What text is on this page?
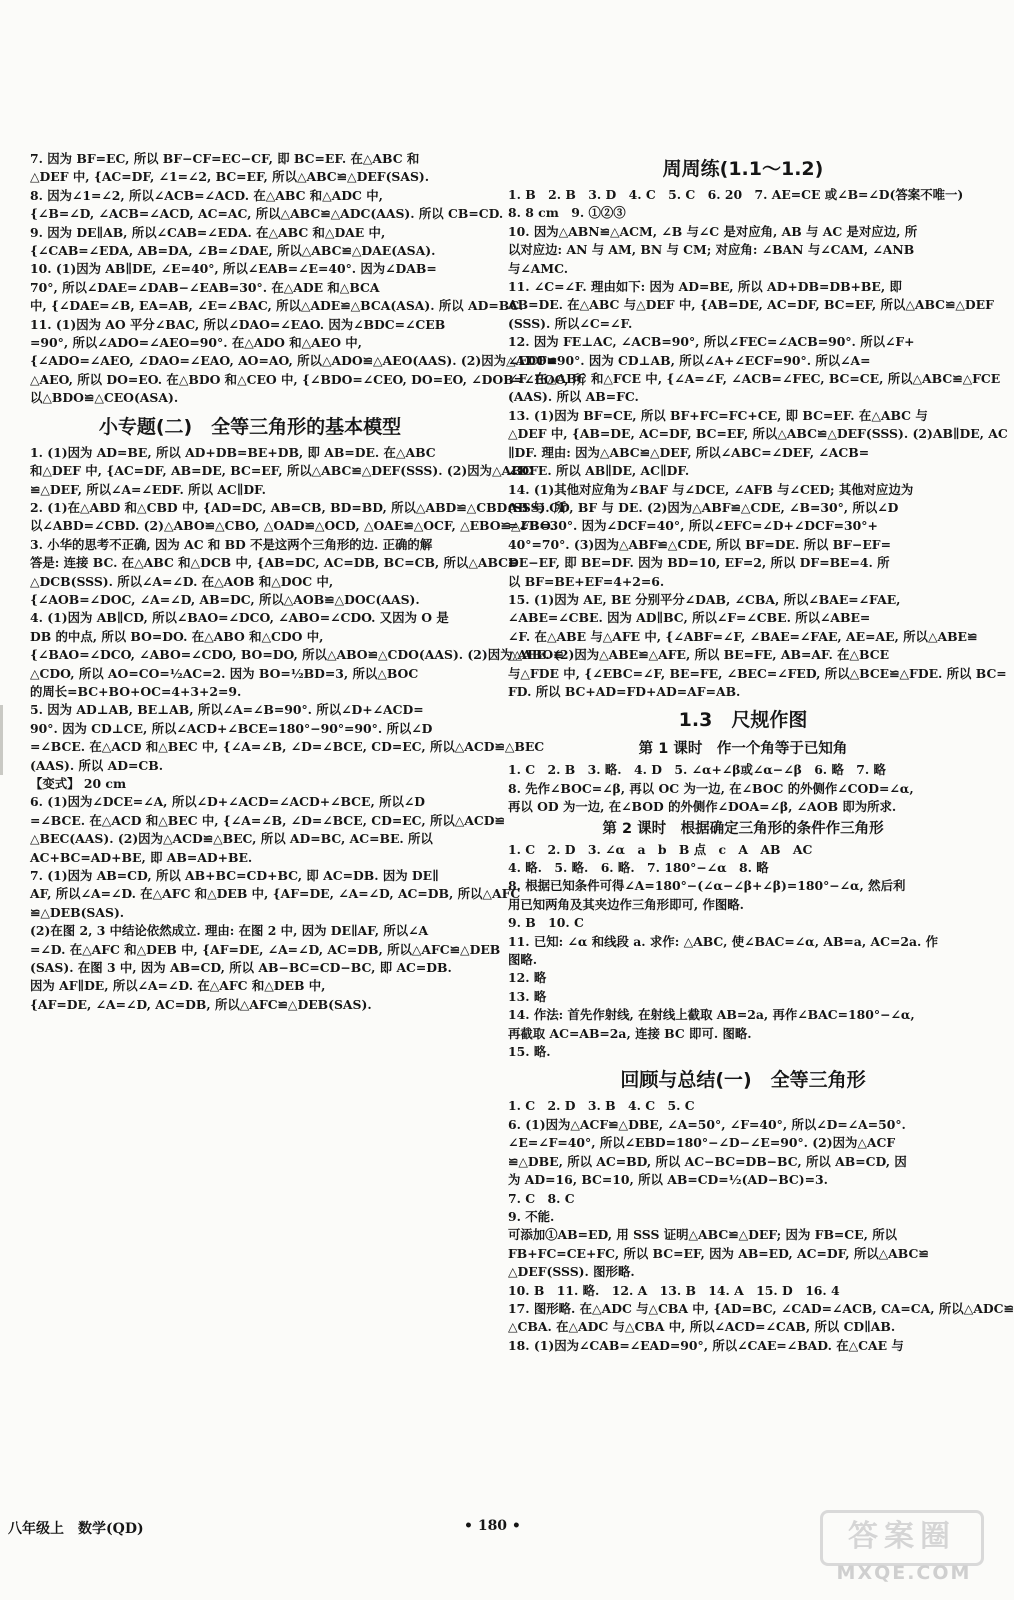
7. 因为 BF=EC, 所以 BF−CF=EC−CF, 即 BC=EF. 在△ABC 和
△DEF 中, {AC=DF, ∠1=∠2, BC=EF, 所以△ABC≌△DEF(SAS).
8. 因为∠1=∠2, 所以∠ACB=∠ACD. 在△ABC 和△ADC 中,
{∠B=∠D, ∠ACB=∠ACD, AC=AC, 所以△ABC≌△ADC(AAS). 所以 CB=CD.
9. 因为 DE∥AB, 所以∠CAB=∠EDA. 在△ABC 和△DAE 中,
{∠CAB=∠EDA, AB=DA, ∠B=∠DAE, 所以△ABC≌△DAE(ASA).
10. (1)因为 AB∥DE, ∠E=40°, 所以∠EAB=∠E=40°. 因为∠DAB=
70°, 所以∠DAE=∠DAB−∠EAB=30°. 在△ADE 和△BCA
中, {∠DAE=∠B, EA=AB, ∠E=∠BAC, 所以△ADE≌△BCA(ASA). 所以 AD=BC.
11. (1)因为 AO 平分∠BAC, 所以∠DAO=∠EAO. 因为∠BDC=∠CEB
=90°, 所以∠ADO=∠AEO=90°. 在△ADO 和△AEO 中,
{∠ADO=∠AEO, ∠DAO=∠EAO, AO=AO, 所以△ADO≌△AEO(AAS). (2)因为△ADO≌
△AEO, 所以 DO=EO. 在△BDO 和△CEO 中, {∠BDO=∠CEO, DO=EO, ∠DOB=∠EOC, 所
以△BDO≌△CEO(ASA).
小专题(二)　全等三角形的基本模型
1. (1)因为 AD=BE, 所以 AD+DB=BE+DB, 即 AB=DE. 在△ABC
和△DEF 中, {AC=DF, AB=DE, BC=EF, 所以△ABC≌△DEF(SSS). (2)因为△ABC
≌△DEF, 所以∠A=∠EDF. 所以 AC∥DF.
2. (1)在△ABD 和△CBD 中, {AD=DC, AB=CB, BD=BD, 所以△ABD≌△CBD(SSS). 所
以∠ABD=∠CBD. (2)△ABO≌△CBO, △OAD≌△OCD, △OAE≌△OCF, △EBO≌△FBO.
3. 小华的思考不正确, 因为 AC 和 BD 不是这两个三角形的边. 正确的解
答是: 连接 BC. 在△ABC 和△DCB 中, {AB=DC, AC=DB, BC=CB, 所以△ABC≌
△DCB(SSS). 所以∠A=∠D. 在△AOB 和△DOC 中,
{∠AOB=∠DOC, ∠A=∠D, AB=DC, 所以△AOB≌△DOC(AAS).
4. (1)因为 AB∥CD, 所以∠BAO=∠DCO, ∠ABO=∠CDO. 又因为 O 是
DB 的中点, 所以 BO=DO. 在△ABO 和△CDO 中,
{∠BAO=∠DCO, ∠ABO=∠CDO, BO=DO, 所以△ABO≌△CDO(AAS). (2)因为△ABO≌
△CDO, 所以 AO=CO=½AC=2. 因为 BO=½BD=3, 所以△BOC
的周长=BC+BO+OC=4+3+2=9.
5. 因为 AD⊥AB, BE⊥AB, 所以∠A=∠B=90°. 所以∠D+∠ACD=
90°. 因为 CD⊥CE, 所以∠ACD+∠BCE=180°−90°=90°. 所以∠D
=∠BCE. 在△ACD 和△BEC 中, {∠A=∠B, ∠D=∠BCE, CD=EC, 所以△ACD≌△BEC
(AAS). 所以 AD=CB.
【变式】 20 cm
6. (1)因为∠DCE=∠A, 所以∠D+∠ACD=∠ACD+∠BCE, 所以∠D
=∠BCE. 在△ACD 和△BEC 中, {∠A=∠B, ∠D=∠BCE, CD=EC, 所以△ACD≌
△BEC(AAS). (2)因为△ACD≌△BEC, 所以 AD=BC, AC=BE. 所以
AC+BC=AD+BE, 即 AB=AD+BE.
7. (1)因为 AB=CD, 所以 AB+BC=CD+BC, 即 AC=DB. 因为 DE∥
AF, 所以∠A=∠D. 在△AFC 和△DEB 中, {AF=DE, ∠A=∠D, AC=DB, 所以△AFC
≌△DEB(SAS).
(2)在图 2, 3 中结论依然成立. 理由: 在图 2 中, 因为 DE∥AF, 所以∠A
=∠D. 在△AFC 和△DEB 中, {AF=DE, ∠A=∠D, AC=DB, 所以△AFC≌△DEB
(SAS). 在图 3 中, 因为 AB=CD, 所以 AB−BC=CD−BC, 即 AC=DB.
因为 AF∥DE, 所以∠A=∠D. 在△AFC 和△DEB 中,
{AF=DE, ∠A=∠D, AC=DB, 所以△AFC≌△DEB(SAS).
周周练(1.1～1.2)
1. B　2. B　3. D　4. C　5. C　6. 20　7. AE=CE 或∠B=∠D(答案不唯一)
8. 8 cm　9. ①②③
10. 因为△ABN≌△ACM, ∠B 与∠C 是对应角, AB 与 AC 是对应边, 所
以对应边: AN 与 AM, BN 与 CM; 对应角: ∠BAN 与∠CAM, ∠ANB
与∠AMC.
11. ∠C=∠F. 理由如下: 因为 AD=BE, 所以 AD+DB=DB+BE, 即
AB=DE. 在△ABC 与△DEF 中, {AB=DE, AC=DF, BC=EF, 所以△ABC≌△DEF
(SSS). 所以∠C=∠F.
12. 因为 FE⊥AC, ∠ACB=90°, 所以∠FEC=∠ACB=90°. 所以∠F+
∠ECF=90°. 因为 CD⊥AB, 所以∠A+∠ECF=90°. 所以∠A=
∠F. 在△ABC 和△FCE 中, {∠A=∠F, ∠ACB=∠FEC, BC=CE, 所以△ABC≌△FCE
(AAS). 所以 AB=FC.
13. (1)因为 BF=CE, 所以 BF+FC=FC+CE, 即 BC=EF. 在△ABC 与
△DEF 中, {AB=DE, AC=DF, BC=EF, 所以△ABC≌△DEF(SSS). (2)AB∥DE, AC
∥DF. 理由: 因为△ABC≌△DEF, 所以∠ABC=∠DEF, ∠ACB=
∠DFE. 所以 AB∥DE, AC∥DF.
14. (1)其他对应角为∠BAF 与∠DCE, ∠AFB 与∠CED; 其他对应边为
AB 与 CD, BF 与 DE. (2)因为△ABF≌△CDE, ∠B=30°, 所以∠D
=∠B=30°. 因为∠DCF=40°, 所以∠EFC=∠D+∠DCF=30°+
40°=70°. (3)因为△ABF≌△CDE, 所以 BF=DE. 所以 BF−EF=
DE−EF, 即 BE=DF. 因为 BD=10, EF=2, 所以 DF=BE=4. 所
以 BF=BE+EF=4+2=6.
15. (1)因为 AE, BE 分别平分∠DAB, ∠CBA, 所以∠BAE=∠FAE,
∠ABE=∠CBE. 因为 AD∥BC, 所以∠F=∠CBE. 所以∠ABE=
∠F. 在△ABE 与△AFE 中, {∠ABF=∠F, ∠BAE=∠FAE, AE=AE, 所以△ABE≌
△AFE. (2)因为△ABE≌△AFE, 所以 BE=FE, AB=AF. 在△BCE
与△FDE 中, {∠EBC=∠F, BE=FE, ∠BEC=∠FED, 所以△BCE≌△FDE. 所以 BC=
FD. 所以 BC+AD=FD+AD=AF=AB.
1.3　尺规作图
第 1 课时　作一个角等于已知角
1. C　2. B　3. 略.　4. D　5. ∠α+∠β或∠α−∠β　6. 略　7. 略
8. 先作∠BOC=∠β, 再以 OC 为一边, 在∠BOC 的外侧作∠COD=∠α,
再以 OD 为一边, 在∠BOD 的外侧作∠DOA=∠β, ∠AOB 即为所求.
第 2 课时　根据确定三角形的条件作三角形
1. C　2. D　3. ∠α　a　b　B 点　c　A　AB　AC
4. 略.　5. 略.　6. 略.　7. 180°−∠α　8. 略
8. 根据已知条件可得∠A=180°−(∠α−∠β+∠β)=180°−∠α, 然后利
用已知两角及其夹边作三角形即可, 作图略.
9. B　10. C
11. 已知: ∠α 和线段 a. 求作: △ABC, 使∠BAC=∠α, AB=a, AC=2a. 作
图略.
12. 略
13. 略
14. 作法: 首先作射线, 在射线上截取 AB=2a, 再作∠BAC=180°−∠α,
再截取 AC=AB=2a, 连接 BC 即可. 图略.
15. 略.
回顾与总结(一)　全等三角形
1. C　2. D　3. B　4. C　5. C
6. (1)因为△ACF≌△DBE, ∠A=50°, ∠F=40°, 所以∠D=∠A=50°.
∠E=∠F=40°, 所以∠EBD=180°−∠D−∠E=90°. (2)因为△ACF
≌△DBE, 所以 AC=BD, 所以 AC−BC=DB−BC, 所以 AB=CD, 因
为 AD=16, BC=10, 所以 AB=CD=½(AD−BC)=3.
7. C　8. C
9. 不能.
可添加①AB=ED, 用 SSS 证明△ABC≌△DEF; 因为 FB=CE, 所以
FB+FC=CE+FC, 所以 BC=EF, 因为 AB=ED, AC=DF, 所以△ABC≌
△DEF(SSS). 图形略.
10. B　11. 略.　12. A　13. B　14. A　15. D　16. 4
17. 图形略. 在△ADC 与△CBA 中, {AD=BC, ∠CAD=∠ACB, CA=CA, 所以△ADC≌
△CBA. 在△ADC 与△CBA 中, 所以∠ACD=∠CAB, 所以 CD∥AB.
18. (1)因为∠CAB=∠EAD=90°, 所以∠CAE=∠BAD. 在△CAE 与
八年级上　数学(QD)	• 180 •	答案圈
MXQE.COM
